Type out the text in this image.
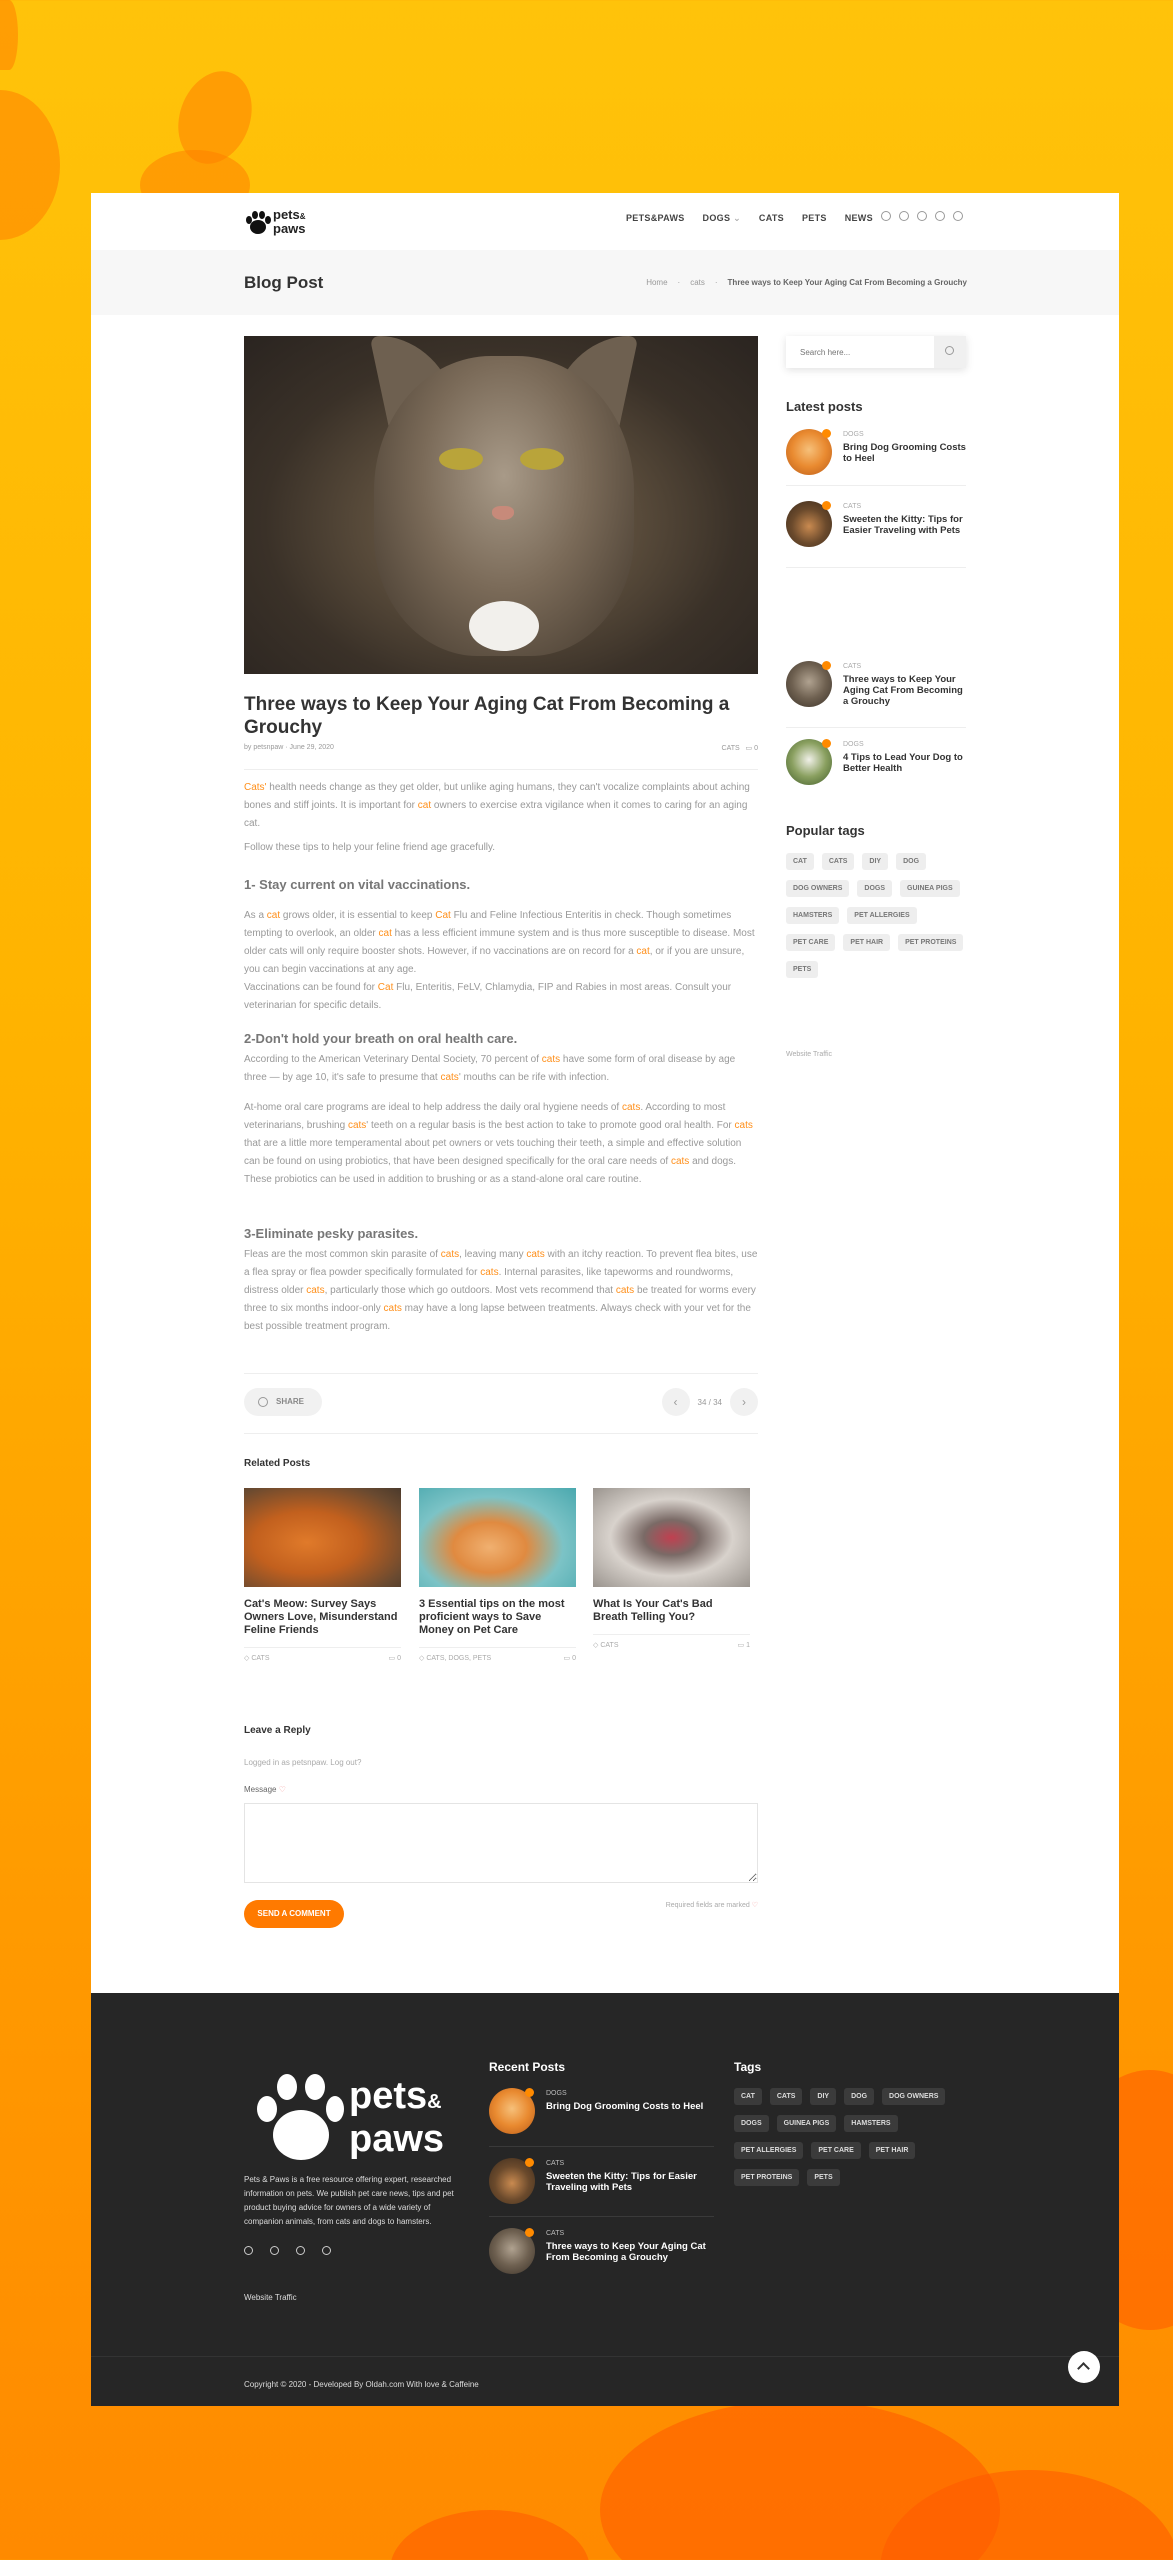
pets&
paws
PETS&PAWS DOGS ⌄ CATS PETS NEWS
Blog Post	Home · cats · Three ways to Keep Your Aging Cat From Becoming a Grouchy
Three ways to Keep Your Aging Cat From Becoming a Grouchy
by petsnpaw · June 29, 2020	CATS ▭ 0
Cats' health needs change as they get older, but unlike aging humans, they can't vocalize complaints about aching bones and stiff joints. It is important for cat owners to exercise extra vigilance when it comes to caring for an aging cat.
Follow these tips to help your feline friend age gracefully.
1- Stay current on vital vaccinations.
As a cat grows older, it is essential to keep Cat Flu and Feline Infectious Enteritis in check. Though sometimes tempting to overlook, an older cat has a less efficient immune system and is thus more susceptible to disease. Most older cats will only require booster shots. However, if no vaccinations are on record for a cat, or if you are unsure, you can begin vaccinations at any age.
Vaccinations can be found for Cat Flu, Enteritis, FeLV, Chlamydia, FIP and Rabies in most areas. Consult your veterinarian for specific details.
2-Don't hold your breath on oral health care.
According to the American Veterinary Dental Society, 70 percent of cats have some form of oral disease by age three — by age 10, it's safe to presume that cats' mouths can be rife with infection.
At-home oral care programs are ideal to help address the daily oral hygiene needs of cats. According to most veterinarians, brushing cats' teeth on a regular basis is the best action to take to promote good oral health. For cats that are a little more temperamental about pet owners or vets touching their teeth, a simple and effective solution can be found on using probiotics, that have been designed specifically for the oral care needs of cats and dogs. These probiotics can be used in addition to brushing or as a stand-alone oral care routine.
3-Eliminate pesky parasites.
Fleas are the most common skin parasite of cats, leaving many cats with an itchy reaction. To prevent flea bites, use a flea spray or flea powder specifically formulated for cats. Internal parasites, like tapeworms and roundworms, distress older cats, particularly those which go outdoors. Most vets recommend that cats be treated for worms every three to six months indoor-only cats may have a long lapse between treatments. Always check with your vet for the best possible treatment program.
SHARE	‹	34 / 34	›
Related Posts
Cat's Meow: Survey Says Owners Love, Misunderstand Feline Friends
◇ CATS	▭ 0
3 Essential tips on the most proficient ways to Save Money on Pet Care
◇ CATS, DOGS, PETS	▭ 0
What Is Your Cat's Bad Breath Telling You?
◇ CATS	▭ 1
Leave a Reply
Logged in as petsnpaw. Log out?
Message ♡
Required fields are marked ♡
SEND A COMMENT
Search here...
Latest posts
DOGS
Bring Dog Grooming Costs to Heel
CATS
Sweeten the Kitty: Tips for Easier Traveling with Pets
CATS
Three ways to Keep Your Aging Cat From Becoming a Grouchy
DOGS
4 Tips to Lead Your Dog to Better Health
Popular tags
CAT	CATS	DIY	DOG
DOG OWNERS	DOGS	GUINEA PIGS
HAMSTERS	PET ALLERGIES
PET CARE	PET HAIR	PET PROTEINS
PETS
Website Traffic
pets&
paws
Pets & Paws is a free resource offering expert, researched information on pets. We publish pet care news, tips and pet product buying advice for owners of a wide variety of companion animals, from cats and dogs to hamsters.
Website Traffic
Recent Posts
DOGS
Bring Dog Grooming Costs to Heel
CATS
Sweeten the Kitty: Tips for Easier Traveling with Pets
CATS
Three ways to Keep Your Aging Cat From Becoming a Grouchy
Tags
CAT	CATS	DIY	DOG	DOG OWNERS
DOGS	GUINEA PIGS	HAMSTERS
PET ALLERGIES	PET CARE	PET HAIR
PET PROTEINS	PETS
Copyright © 2020 - Developed By Oldah.com With love & Caffeine
